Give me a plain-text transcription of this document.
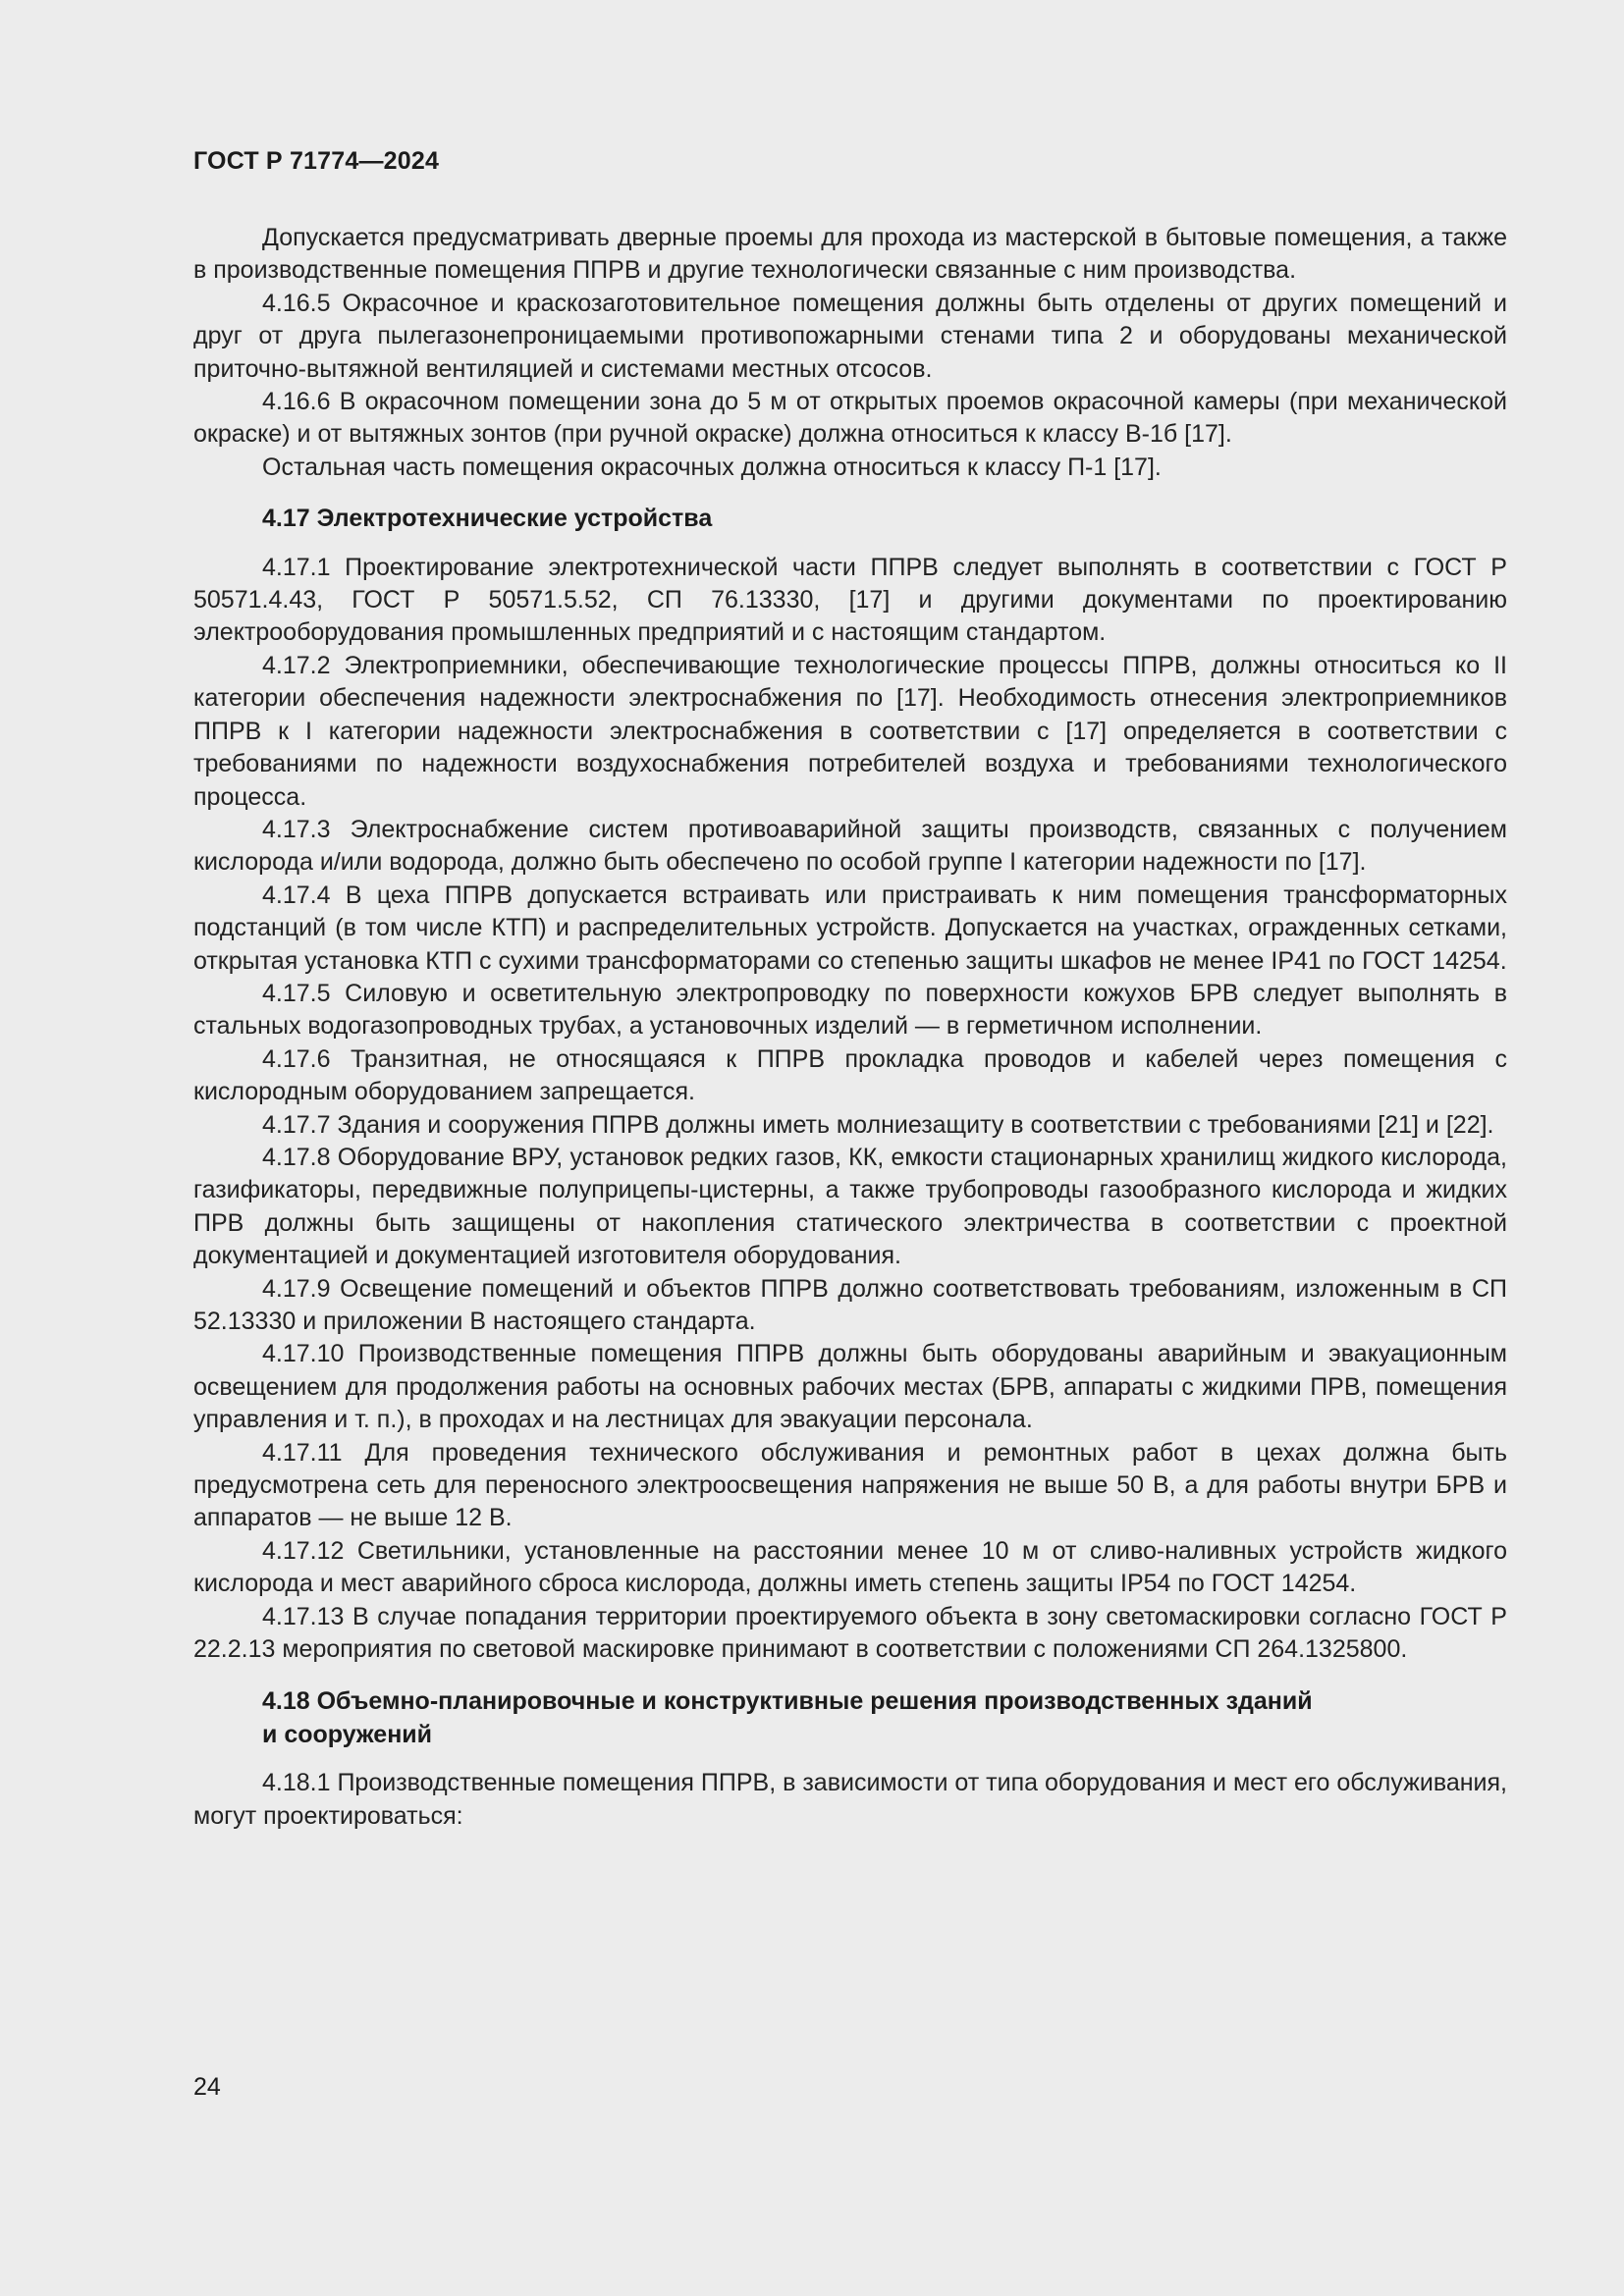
ГОСТ Р 71774—2024

Допускается предусматривать дверные проемы для прохода из мастерской в бытовые помещения, а также в производственные помещения ППРВ и другие технологически связанные с ним производства.

4.16.5 Окрасочное и краскозаготовительное помещения должны быть отделены от других помещений и друг от друга пылегазонепроницаемыми противопожарными стенами типа 2 и оборудованы механической приточно-вытяжной вентиляцией и системами местных отсосов.

4.16.6 В окрасочном помещении зона до 5 м от открытых проемов окрасочной камеры (при механической окраске) и от вытяжных зонтов (при ручной окраске) должна относиться к классу В-1б [17].

Остальная часть помещения окрасочных должна относиться к классу П-1 [17].

4.17 Электротехнические устройства

4.17.1 Проектирование электротехнической части ППРВ следует выполнять в соответствии с ГОСТ Р 50571.4.43, ГОСТ Р 50571.5.52, СП 76.13330, [17] и другими документами по проектированию электрооборудования промышленных предприятий и с настоящим стандартом.

4.17.2 Электроприемники, обеспечивающие технологические процессы ППРВ, должны относиться ко II категории обеспечения надежности электроснабжения по [17]. Необходимость отнесения электроприемников ППРВ к I категории надежности электроснабжения в соответствии с [17] определяется в соответствии с требованиями по надежности воздухоснабжения потребителей воздуха и требованиями технологического процесса.

4.17.3 Электроснабжение систем противоаварийной защиты производств, связанных с получением кислорода и/или водорода, должно быть обеспечено по особой группе I категории надежности по [17].

4.17.4 В цеха ППРВ допускается встраивать или пристраивать к ним помещения трансформаторных подстанций (в том числе КТП) и распределительных устройств. Допускается на участках, огражденных сетками, открытая установка КТП с сухими трансформаторами со степенью защиты шкафов не менее IP41 по ГОСТ 14254.

4.17.5 Силовую и осветительную электропроводку по поверхности кожухов БРВ следует выполнять в стальных водогазопроводных трубах, а установочных изделий — в герметичном исполнении.

4.17.6 Транзитная, не относящаяся к ППРВ прокладка проводов и кабелей через помещения с кислородным оборудованием запрещается.

4.17.7 Здания и сооружения ППРВ должны иметь молниезащиту в соответствии с требованиями [21] и [22].

4.17.8 Оборудование ВРУ, установок редких газов, КК, емкости стационарных хранилищ жидкого кислорода, газификаторы, передвижные полуприцепы-цистерны, а также трубопроводы газообразного кислорода и жидких ПРВ должны быть защищены от накопления статического электричества в соответствии с проектной документацией и документацией изготовителя оборудования.

4.17.9 Освещение помещений и объектов ППРВ должно соответствовать требованиям, изложенным в СП 52.13330 и приложении В настоящего стандарта.

4.17.10 Производственные помещения ППРВ должны быть оборудованы аварийным и эвакуационным освещением для продолжения работы на основных рабочих местах (БРВ, аппараты с жидкими ПРВ, помещения управления и т. п.), в проходах и на лестницах для эвакуации персонала.

4.17.11 Для проведения технического обслуживания и ремонтных работ в цехах должна быть предусмотрена сеть для переносного электроосвещения напряжения не выше 50 В, а для работы внутри БРВ и аппаратов — не выше 12 В.

4.17.12 Светильники, установленные на расстоянии менее 10 м от сливо-наливных устройств жидкого кислорода и мест аварийного сброса кислорода, должны иметь степень защиты IP54 по ГОСТ 14254.

4.17.13 В случае попадания территории проектируемого объекта в зону светомаскировки согласно ГОСТ Р 22.2.13 мероприятия по световой маскировке принимают в соответствии с положениями СП 264.1325800.

4.18 Объемно-планировочные и конструктивные решения производственных зданий
и сооружений

4.18.1 Производственные помещения ППРВ, в зависимости от типа оборудования и мест его обслуживания, могут проектироваться:

24
